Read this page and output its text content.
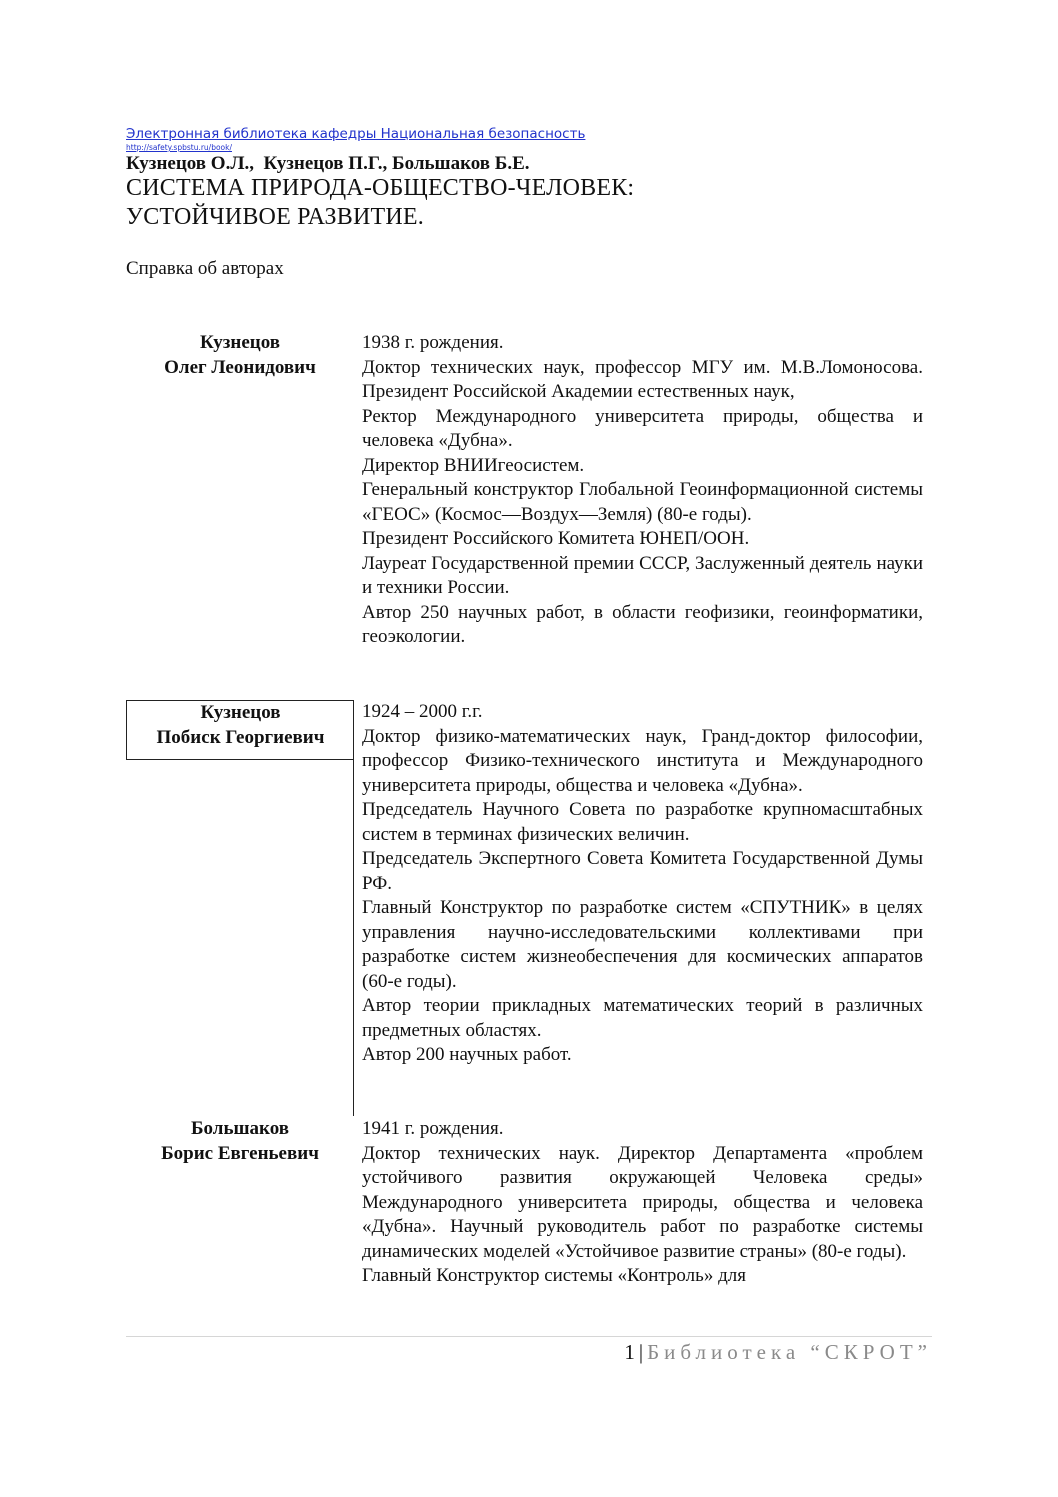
Электронная библиотека кафедры Национальная безопасность
http://safety.spbstu.ru/book/
Кузнецов О.Л.,  Кузнецов П.Г., Большаков Б.Е.
СИСТЕМА ПРИРОДА-ОБЩЕСТВО-ЧЕЛОВЕК:
УСТОЙЧИВОЕ РАЗВИТИЕ.
Справка об авторах
Кузнецов
Олег Леонидович

1938 г. рождения.

Доктор технических наук, профессор МГУ им. М.В.Ломоносова. Президент Российской Академии естественных наук,

Ректор Международного университета природы, общества и человека «Дубна».

Директор ВНИИгеосистем.

Генеральный конструктор Глобальной Геоинформационной системы «ГЕОС» (Космос—Воздух—Земля) (80-е годы).

Президент Российского Комитета ЮНЕП/ООН.

Лауреат Государственной премии СССР, Заслуженный деятель науки и техники России.

Автор 250 научных работ, в области геофизики, геоинформатики, геоэкологии.

Кузнецов
Побиск Георгиевич

1924 – 2000 г.г.

Доктор физико-математических наук, Гранд-доктор философии, профессор Физико-технического института и Международного университета природы, общества и человека «Дубна».

Председатель Научного Совета по разработке крупномасштабных систем в терминах физических величин.

Председатель Экспертного Совета Комитета Государственной Думы РФ.

Главный Конструктор по разработке систем «СПУТНИК» в целях управления научно-исследовательскими коллективами при разработке систем жизнеобеспечения для космических аппаратов (60-е годы).

Автор теории прикладных математических теорий в различных предметных областях.

Автор 200 научных работ.

Большаков
Борис Евгеньевич

1941 г. рождения.

Доктор технических наук. Директор Департамента «проблем устойчивого развития окружающей Человека среды» Международного университета природы, общества и человека «Дубна». Научный руководитель работ по разработке системы динамических моделей «Устойчивое развитие страны» (80-е годы).

Главный Конструктор системы «Контроль» для

1 | Библиотека “СКРОТ”
